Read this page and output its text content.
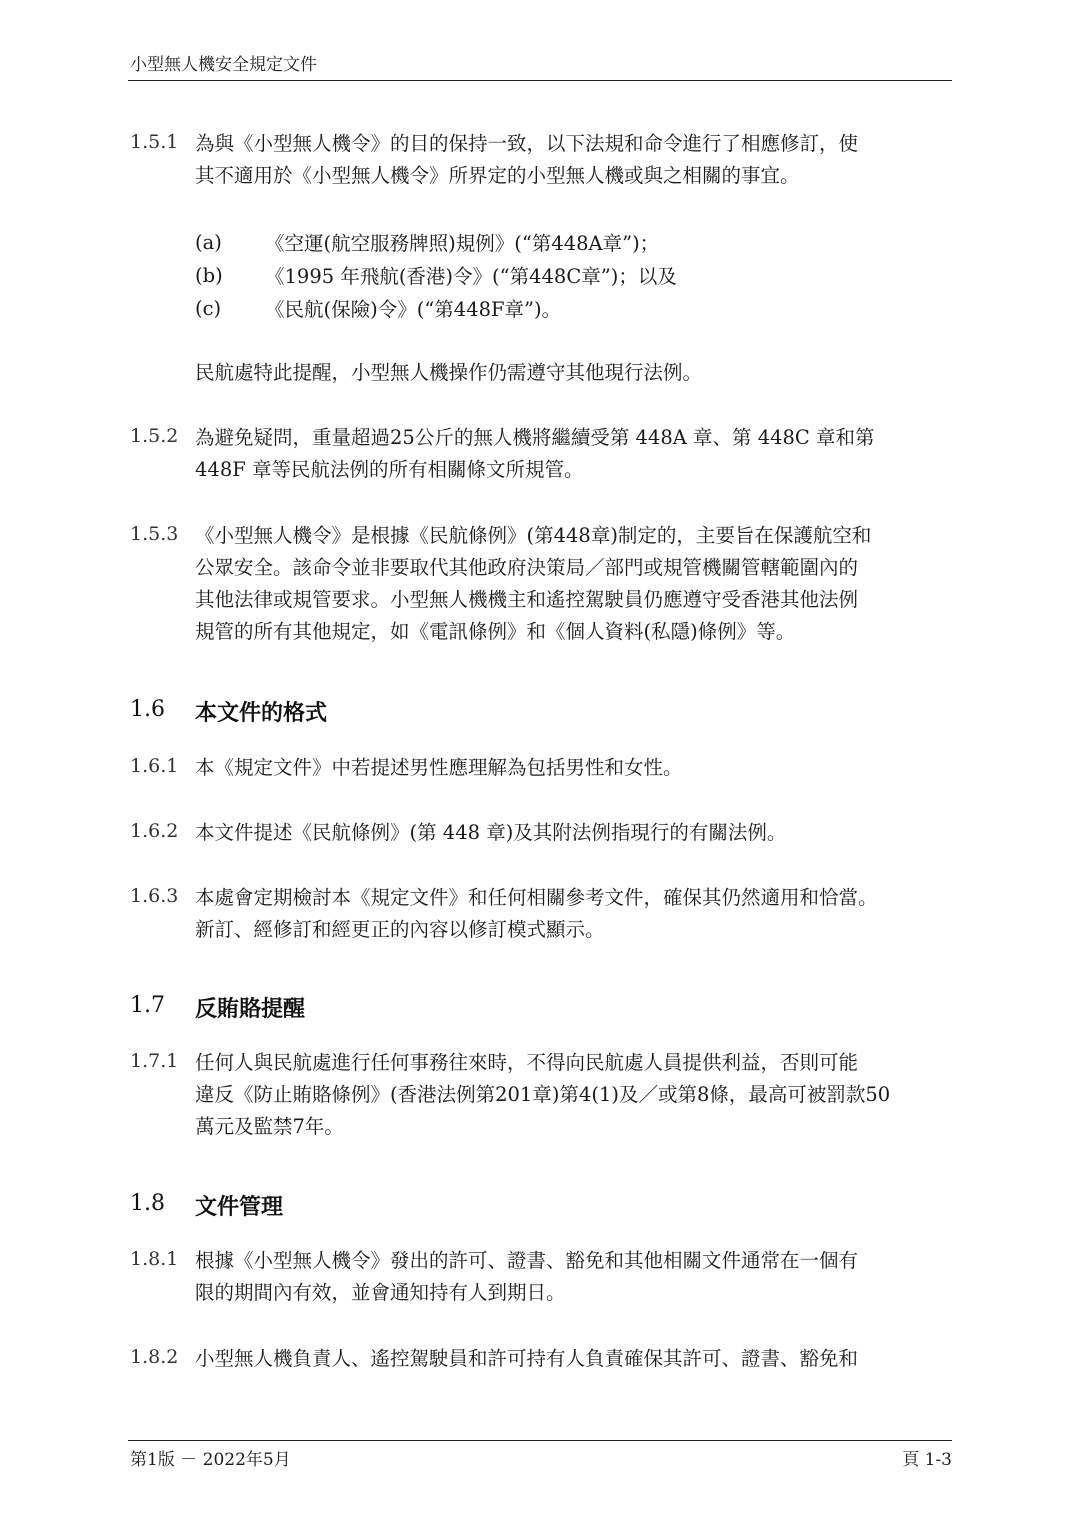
小型無人機安全規定文件
1.5.1 為與《小型無人機令》的目的保持一致，以下法規和命令進行了相應修訂，使
其不適用於《小型無人機令》所界定的小型無人機或與之相關的事宜。
(a) 《空運(航空服務牌照)規例》(“第448A章”)；
(b) 《1995 年飛航(香港)令》(“第448C章”)；以及
(c) 《民航(保險)令》(“第448F章”)。
民航處特此提醒，小型無人機操作仍需遵守其他現行法例。
1.5.2 為避免疑問，重量超過25公斤的無人機將繼續受第 448A 章、第 448C 章和第
448F 章等民航法例的所有相關條文所規管。
1.5.3 《小型無人機令》是根據《民航條例》(第448章)制定的，主要旨在保護航空和
公眾安全。該命令並非要取代其他政府決策局／部門或規管機關管轄範圍內的
其他法律或規管要求。小型無人機機主和遙控駕駛員仍應遵守受香港其他法例
規管的所有其他規定，如《電訊條例》和《個人資料(私隱)條例》等。
1.6 本文件的格式
1.6.1 本《規定文件》中若提述男性應理解為包括男性和女性。
1.6.2 本文件提述《民航條例》(第 448 章)及其附法例指現行的有關法例。
1.6.3 本處會定期檢討本《規定文件》和任何相關參考文件，確保其仍然適用和恰當。
新訂、經修訂和經更正的內容以修訂模式顯示。
1.7 反賄賂提醒
1.7.1 任何人與民航處進行任何事務往來時，不得向民航處人員提供利益，否則可能
違反《防止賄賂條例》(香港法例第201章)第4(1)及／或第8條，最高可被罰款50
萬元及監禁7年。
1.8 文件管理
1.8.1 根據《小型無人機令》發出的許可、證書、豁免和其他相關文件通常在一個有
限的期間內有效，並會通知持有人到期日。
1.8.2 小型無人機負責人、遙控駕駛員和許可持有人負責確保其許可、證書、豁免和
第1版 － 2022年5月	頁 1-3
